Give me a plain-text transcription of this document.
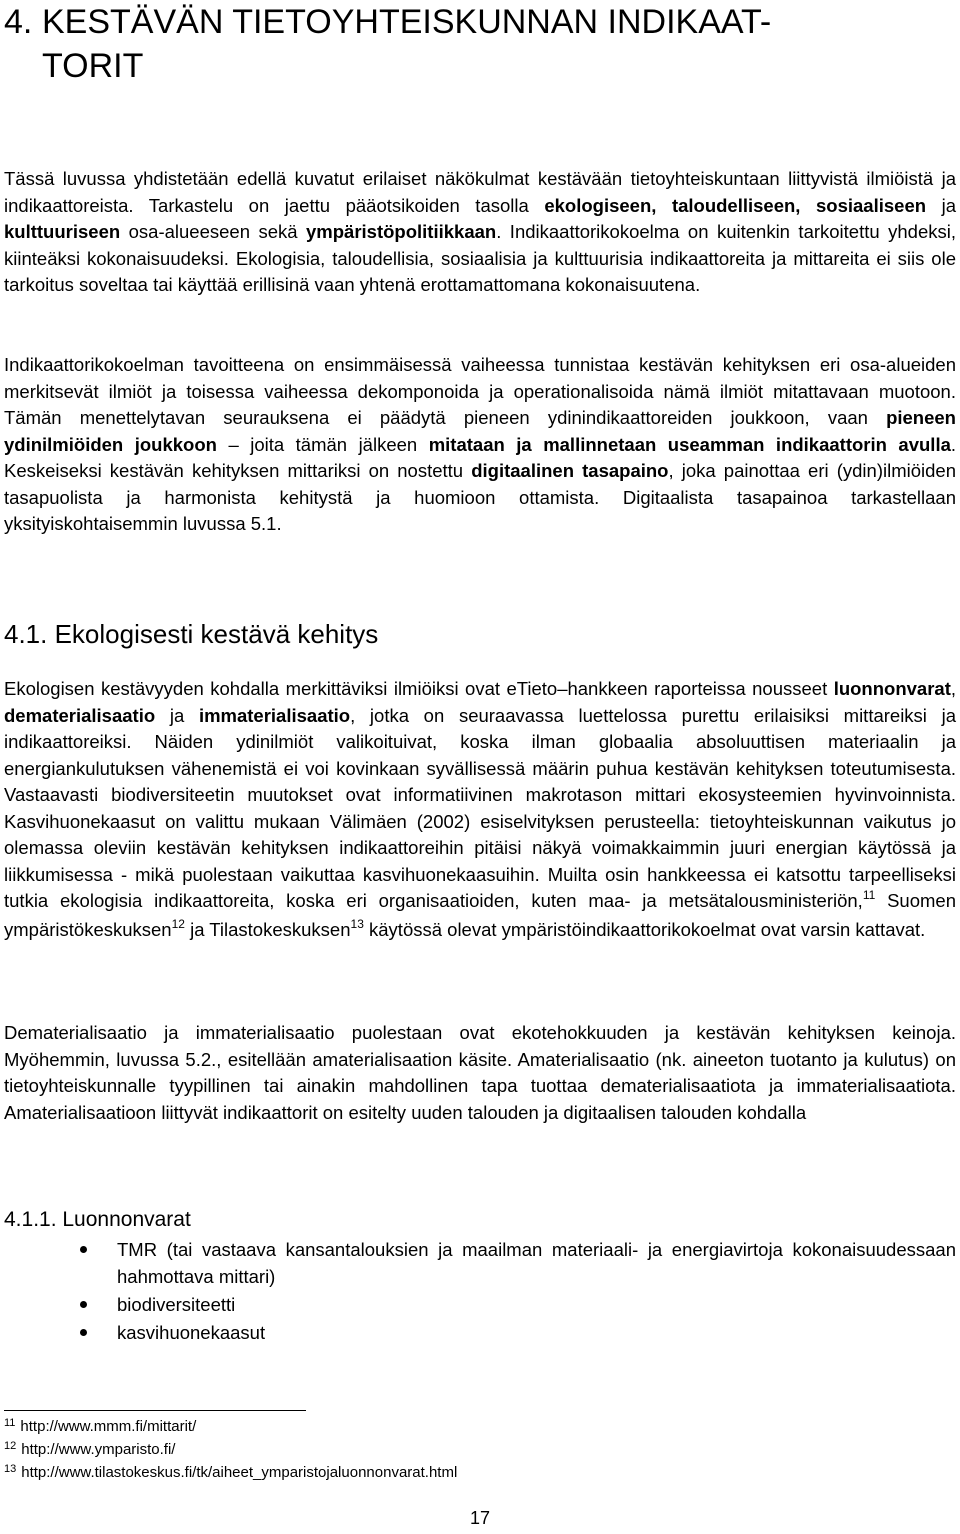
4. KESTÄVÄN TIETOYHTEISKUNNAN INDIKAAT-
TORIT

Tässä luvussa yhdistetään edellä kuvatut erilaiset näkökulmat kestävään tietoyhteiskuntaan liittyvistä ilmiöistä ja indikaattoreista. Tarkastelu on jaettu pääotsikoiden tasolla ekologiseen, taloudelliseen, sosiaaliseen ja kulttuuriseen osa-alueeseen sekä ympäristöpolitiikkaan. Indikaattorikokoelma on kuitenkin tarkoitettu yhdeksi, kiinteäksi kokonaisuudeksi. Ekologisia, taloudellisia, sosiaalisia ja kulttuurisia indikaattoreita ja mittareita ei siis ole tarkoitus soveltaa tai käyttää erillisinä vaan yhtenä erottamattomana kokonaisuutena.

Indikaattorikokoelman tavoitteena on ensimmäisessä vaiheessa tunnistaa kestävän kehityksen eri osa-alueiden merkitsevät ilmiöt ja toisessa vaiheessa dekomponoida ja operationalisoida nämä ilmiöt mitattavaan muotoon. Tämän menettelytavan seurauksena ei päädytä pieneen ydinindikaattoreiden joukkoon, vaan pieneen ydinilmiöiden joukkoon – joita tämän jälkeen mitataan ja mallinnetaan useamman indikaattorin avulla. Keskeiseksi kestävän kehityksen mittariksi on nostettu digitaalinen tasapaino, joka painottaa eri (ydin)ilmiöiden tasapuolista ja harmonista kehitystä ja huomioon ottamista. Digitaalista tasapainoa tarkastellaan yksityiskohtaisemmin luvussa 5.1.

4.1. Ekologisesti kestävä kehitys

Ekologisen kestävyyden kohdalla merkittäviksi ilmiöiksi ovat eTieto–hankkeen raporteissa nousseet luonnonvarat, dematerialisaatio ja immaterialisaatio, jotka on seuraavassa luettelossa purettu erilaisiksi mittareiksi ja indikaattoreiksi. Näiden ydinilmiöt valikoituivat, koska ilman globaalia absoluuttisen materiaalin ja energiankulutuksen vähenemistä ei voi kovinkaan syvällisessä määrin puhua kestävän kehityksen toteutumisesta. Vastaavasti biodiversiteetin muutokset ovat informatiivinen makrotason mittari ekosysteemien hyvinvoinnista. Kasvihuonekaasut on valittu mukaan Välimäen (2002) esiselvityksen perusteella: tietoyhteiskunnan vaikutus jo olemassa oleviin kestävän kehityksen indikaattoreihin pitäisi näkyä voimakkaimmin juuri energian käytössä ja liikkumisessa - mikä puolestaan vaikuttaa kasvihuonekaasuihin. Muilta osin hankkeessa ei katsottu tarpeelliseksi tutkia ekologisia indikaattoreita, koska eri organisaatioiden, kuten maa- ja metsätalousministeriön,$^{11}$ Suomen ympäristökeskuksen$^{12}$ ja Tilastokeskuksen$^{13}$ käytössä olevat ympäristöindikaattorikokoelmat ovat varsin kattavat.

Dematerialisaatio ja immaterialisaatio puolestaan ovat ekotehokkuuden ja kestävän kehityksen keinoja. Myöhemmin, luvussa 5.2., esitellään amaterialisaation käsite. Amaterialisaatio (nk. aineeton tuotanto ja kulutus) on tietoyhteiskunnalle tyypillinen tai ainakin mahdollinen tapa tuottaa dematerialisaatiota ja immaterialisaatiota. Amaterialisaatioon liittyvät indikaattorit on esitelty uuden talouden ja digitaalisen talouden kohdalla

4.1.1. Luonnonvarat
TMR (tai vastaava kansantalouksien ja maailman materiaali- ja energiavirtoja kokonaisuudessaan hahmottava mittari)
biodiversiteetti
kasvihuonekaasut
$^{11}$ http://www.mmm.fi/mittarit/
$^{12}$ http://www.ymparisto.fi/
$^{13}$ http://www.tilastokeskus.fi/tk/aiheet_ymparistojaluonnonvarat.html
17
